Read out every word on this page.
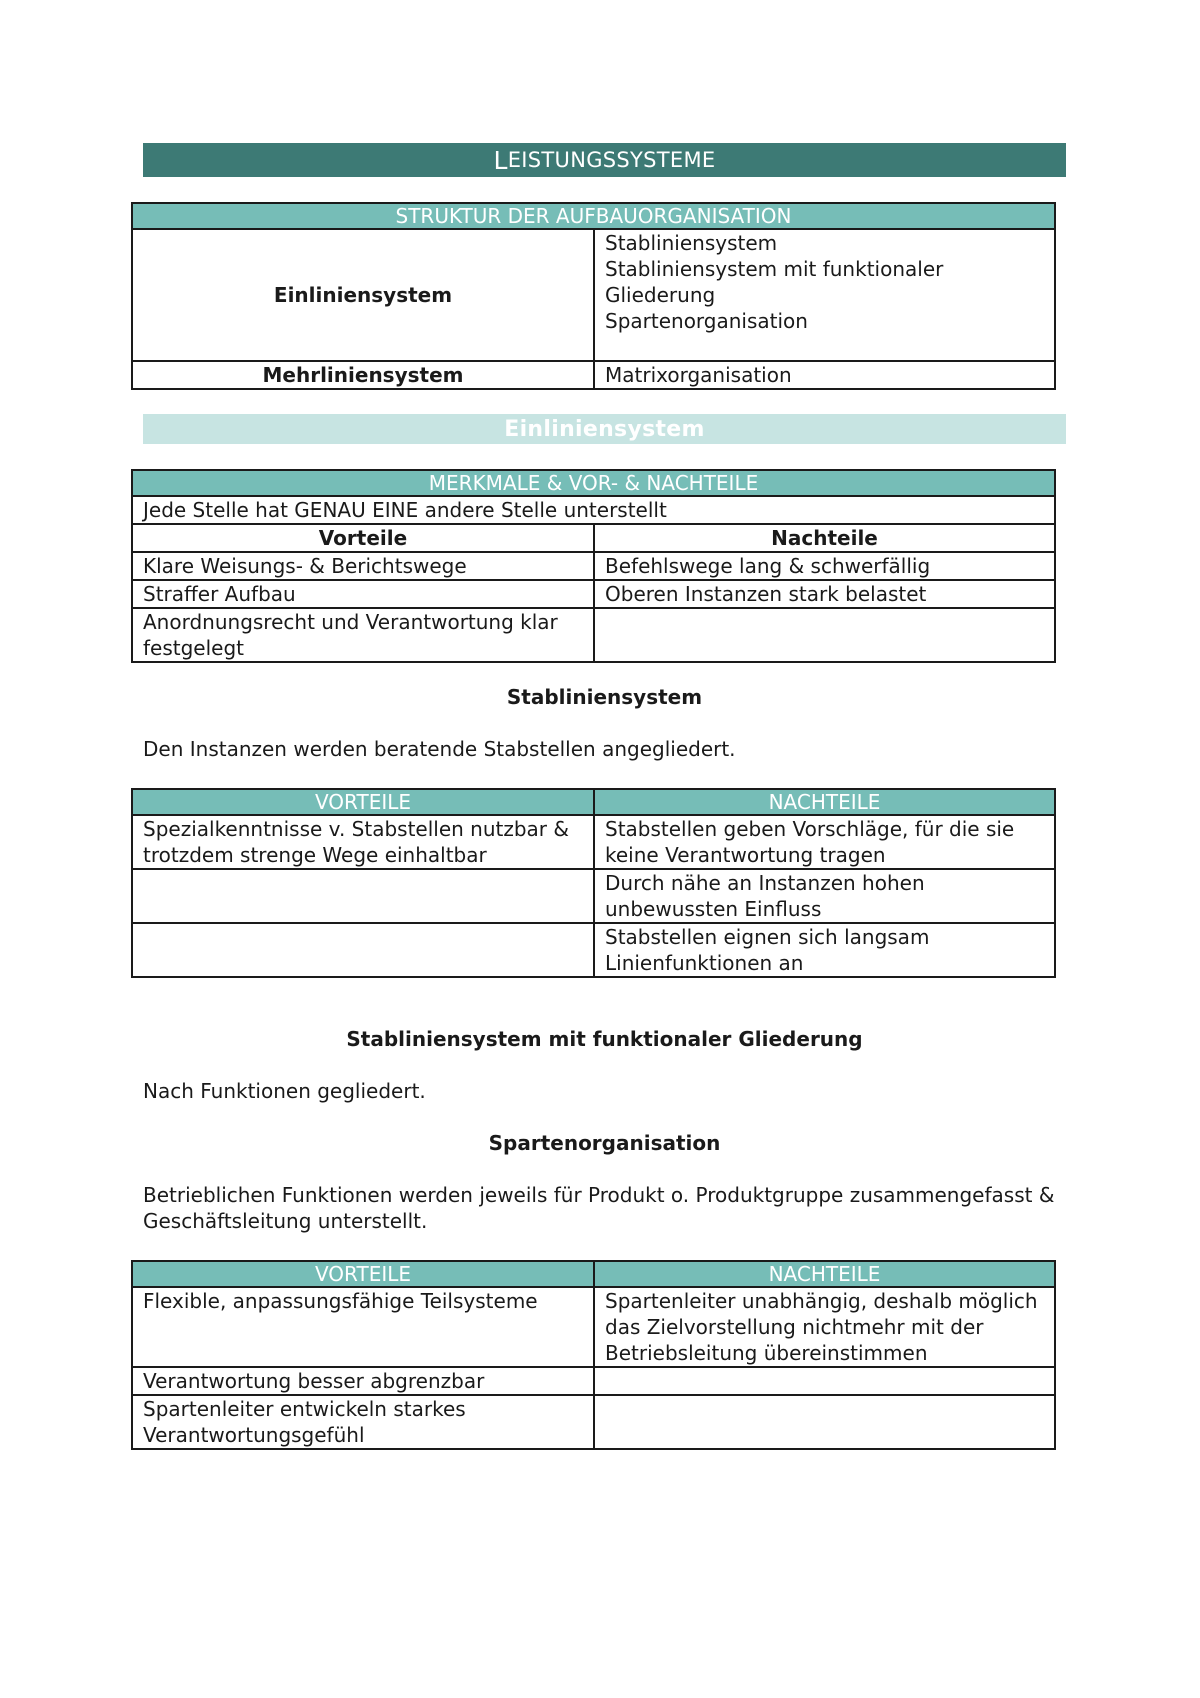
L EISTUNGSSYSTEME
STRUKTUR DER AUFBAUORGANISATION	
Einliniensystem	Stabliniensystem
Stabliniensystem mit funktionaler Gliederung
Spartenorganisation

Mehrliniensystem	Matrixorganisation
Einliniensystem
MERKMALE & VOR- & NACHTEILE	
Jede Stelle hat GENAU EINE andere Stelle unterstellt	
Vorteile	Nachteile
Klare Weisungs- & Berichtswege	Befehlswege lang & schwerfällig
Straffer Aufbau	Oberen Instanzen stark belastet
Anordnungsrecht und Verantwortung klar festgelegt	
Stabliniensystem
Den Instanzen werden beratende Stabstellen angegliedert.
VORTEILE	NACHTEILE
Spezialkenntnisse v. Stabstellen nutzbar & trotzdem strenge Wege einhaltbar	Stabstellen geben Vorschläge, für die sie keine Verantwortung tragen
	Durch nähe an Instanzen hohen unbewussten Einfluss
	Stabstellen eignen sich langsam Linienfunktionen an
Stabliniensystem mit funktionaler Gliederung
Nach Funktionen gegliedert.
Spartenorganisation
Betrieblichen Funktionen werden jeweils für Produkt o. Produktgruppe zusammengefasst & Geschäftsleitung unterstellt.
VORTEILE	NACHTEILE
Flexible, anpassungsfähige Teilsysteme	Spartenleiter unabhängig, deshalb möglich das Zielvorstellung nichtmehr mit der Betriebsleitung übereinstimmen
Verantwortung besser abgrenzbar	
Spartenleiter entwickeln starkes Verantwortungsgefühl	
